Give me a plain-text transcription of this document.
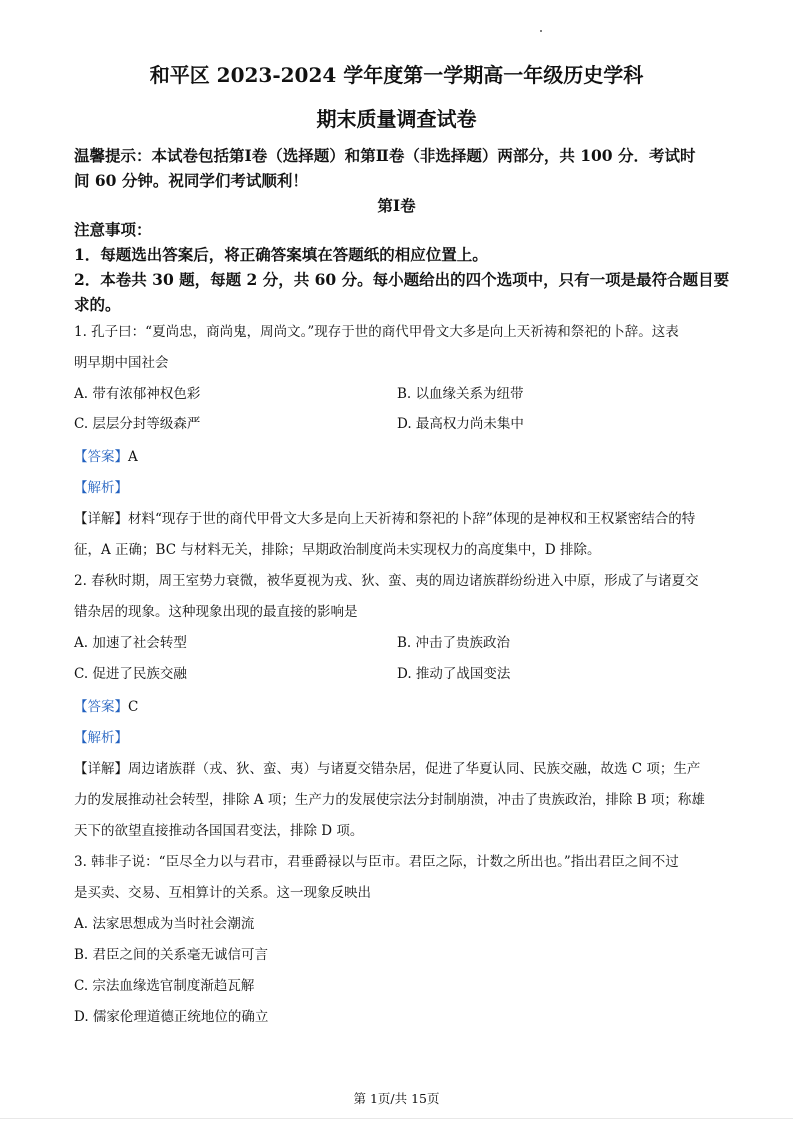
和平区 2023-2024 学年度第一学期高一年级历史学科
期末质量调查试卷
温馨提示：本试卷包括第Ⅰ卷（选择题）和第Ⅱ卷（非选择题）两部分，共 100 分．考试时
间 60 分钟。祝同学们考试顺利！
第Ⅰ卷
注意事项：
1．每题选出答案后，将正确答案填在答题纸的相应位置上。
2．本卷共 30 题，每题 2 分，共 60 分。每小题给出的四个选项中，只有一项是最符合题目要
求的。
1. 孔子曰：“夏尚忠，商尚鬼，周尚文。”现存于世的商代甲骨文大多是向上天祈祷和祭祀的卜辞。这表
明早期中国社会
A. 带有浓郁神权色彩	B. 以血缘关系为纽带
C. 层层分封等级森严	D. 最高权力尚未集中
【答案】A
【解析】
【详解】材料“现存于世的商代甲骨文大多是向上天祈祷和祭祀的卜辞”体现的是神权和王权紧密结合的特
征，A 正确；BC 与材料无关，排除；早期政治制度尚未实现权力的高度集中，D 排除。
2. 春秋时期，周王室势力衰微，被华夏视为戎、狄、蛮、夷的周边诸族群纷纷进入中原，形成了与诸夏交
错杂居的现象。这种现象出现的最直接的影响是
A. 加速了社会转型	B. 冲击了贵族政治
C. 促进了民族交融	D. 推动了战国变法
【答案】C
【解析】
【详解】周边诸族群（戎、狄、蛮、夷）与诸夏交错杂居，促进了华夏认同、民族交融，故选 C 项；生产
力的发展推动社会转型，排除 A 项；生产力的发展使宗法分封制崩溃，冲击了贵族政治，排除 B 项；称雄
天下的欲望直接推动各国国君变法，排除 D 项。
3. 韩非子说：“臣尽全力以与君市，君垂爵禄以与臣市。君臣之际，计数之所出也。”指出君臣之间不过
是买卖、交易、互相算计的关系。这一现象反映出
A. 法家思想成为当时社会潮流
B. 君臣之间的关系毫无诚信可言
C. 宗法血缘选官制度渐趋瓦解
D. 儒家伦理道德正统地位的确立
第 1页/共 15页
